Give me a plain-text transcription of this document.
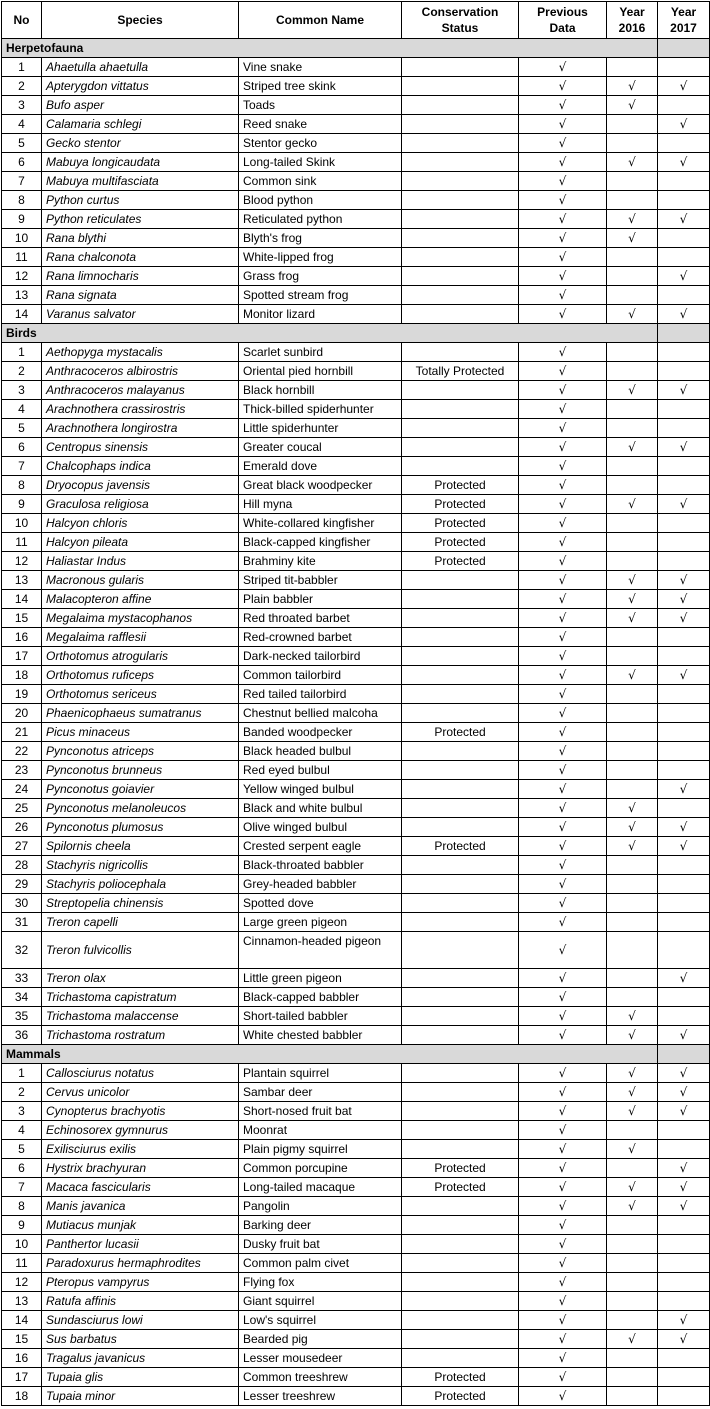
No	Species	Common Name	Conservation Status	Previous Data	Year 2016	Year 2017
Herpetofauna						
1	Ahaetulla ahaetulla	Vine snake		√		
2	Apterygdon vittatus	Striped tree skink		√	√	√
3	Bufo asper	Toads		√	√	
4	Calamaria schlegi	Reed snake		√		√
5	Gecko stentor	Stentor gecko		√		
6	Mabuya longicaudata	Long-tailed Skink		√	√	√
7	Mabuya multifasciata	Common sink		√		
8	Python curtus	Blood python		√		
9	Python reticulates	Reticulated python		√	√	√
10	Rana blythi	Blyth's frog		√	√	
11	Rana chalconota	White-lipped frog		√		
12	Rana limnocharis	Grass frog		√		√
13	Rana signata	Spotted stream frog		√		
14	Varanus salvator	Monitor lizard		√	√	√
Birds						
1	Aethopyga mystacalis	Scarlet sunbird		√		
2	Anthracoceros albirostris	Oriental pied hornbill	Totally Protected	√		
3	Anthracoceros malayanus	Black hornbill		√	√	√
4	Arachnothera crassirostris	Thick-billed spiderhunter		√		
5	Arachnothera longirostra	Little spiderhunter		√		
6	Centropus sinensis	Greater coucal		√	√	√
7	Chalcophaps indica	Emerald dove		√		
8	Dryocopus javensis	Great black woodpecker	Protected	√		
9	Graculosa religiosa	Hill myna	Protected	√	√	√
10	Halcyon chloris	White-collared kingfisher	Protected	√		
11	Halcyon pileata	Black-capped kingfisher	Protected	√		
12	Haliastar Indus	Brahminy kite	Protected	√		
13	Macronous gularis	Striped tit-babbler		√	√	√
14	Malacopteron affine	Plain babbler		√	√	√
15	Megalaima mystacophanos	Red throated barbet		√	√	√
16	Megalaima rafflesii	Red-crowned barbet		√		
17	Orthotomus atrogularis	Dark-necked tailorbird		√		
18	Orthotomus ruficeps	Common tailorbird		√	√	√
19	Orthotomus sericeus	Red tailed tailorbird		√		
20	Phaenicophaeus sumatranus	Chestnut bellied malcoha		√		
21	Picus minaceus	Banded woodpecker	Protected	√		
22	Pynconotus atriceps	Black headed bulbul		√		
23	Pynconotus brunneus	Red eyed bulbul		√		
24	Pynconotus goiavier	Yellow winged bulbul		√		√
25	Pynconotus melanoleucos	Black and white bulbul		√	√	
26	Pynconotus plumosus	Olive winged bulbul		√	√	√
27	Spilornis cheela	Crested serpent eagle	Protected	√	√	√
28	Stachyris nigricollis	Black-throated babbler		√		
29	Stachyris poliocephala	Grey-headed babbler		√		
30	Streptopelia chinensis	Spotted dove		√		
31	Treron capelli	Large green pigeon		√		
32	Treron fulvicollis	Cinnamon-headed pigeon		√		
33	Treron olax	Little green pigeon		√		√
34	Trichastoma capistratum	Black-capped babbler		√		
35	Trichastoma malaccense	Short-tailed babbler		√	√	
36	Trichastoma rostratum	White chested babbler		√	√	√
Mammals						
1	Callosciurus notatus	Plantain squirrel		√	√	√
2	Cervus unicolor	Sambar deer		√	√	√
3	Cynopterus brachyotis	Short-nosed fruit bat		√	√	√
4	Echinosorex gymnurus	Moonrat		√		
5	Exilisciurus exilis	Plain pigmy squirrel		√	√	
6	Hystrix brachyuran	Common porcupine	Protected	√		√
7	Macaca fascicularis	Long-tailed macaque	Protected	√	√	√
8	Manis javanica	Pangolin		√	√	√
9	Mutiacus munjak	Barking deer		√		
10	Panthertor lucasii	Dusky fruit bat		√		
11	Paradoxurus hermaphrodites	Common palm civet		√		
12	Pteropus vampyrus	Flying fox		√		
13	Ratufa affinis	Giant squirrel		√		
14	Sundasciurus lowi	Low's squirrel		√		√
15	Sus barbatus	Bearded pig		√	√	√
16	Tragalus javanicus	Lesser mousedeer		√		
17	Tupaia glis	Common treeshrew	Protected	√		
18	Tupaia minor	Lesser treeshrew	Protected	√		
